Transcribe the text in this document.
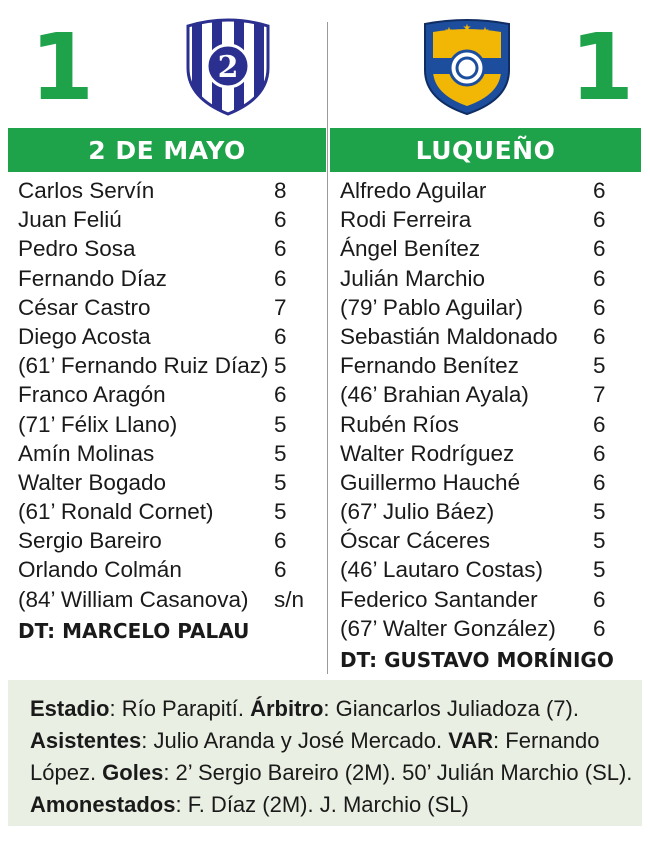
1	2
★ ★ ★ 1
2 DE MAYO	LUQUEÑO
Carlos Servín	8
Juan Feliú	6
Pedro Sosa	6
Fernando Díaz	6
César Castro	7
Diego Acosta	6
(61’ Fernando Ruiz Díaz) 5
Franco Aragón	6
(71’ Félix Llano)	5
Amín Molinas	5
Walter Bogado	5
(61’ Ronald Cornet)	5
Sergio Bareiro	6
Orlando Colmán	6
(84’ William Casanova) s/n
DT: MARCELO PALAU
Alfredo Aguilar	6
Rodi Ferreira	6
Ángel Benítez	6
Julián Marchio	6
(79’ Pablo Aguilar)	6
Sebastián Maldonado 6
Fernando Benítez	5
(46’ Brahian Ayala)	7
Rubén Ríos	6
Walter Rodríguez	6
Guillermo Hauché	6
(67’ Julio Báez)	5
Óscar Cáceres	5
(46’ Lautaro Costas) 5
Federico Santander 6
(67’ Walter González) 6
DT: GUSTAVO MORÍNIGO
Estadio: Río Parapití. Árbitro: Giancarlos Juliadoza (7).
Asistentes: Julio Aranda y José Mercado. VAR: Fernando López. Goles: 2’ Sergio Bareiro (2M). 50’ Julián Marchio (SL).
Amonestados: F. Díaz (2M). J. Marchio (SL)
